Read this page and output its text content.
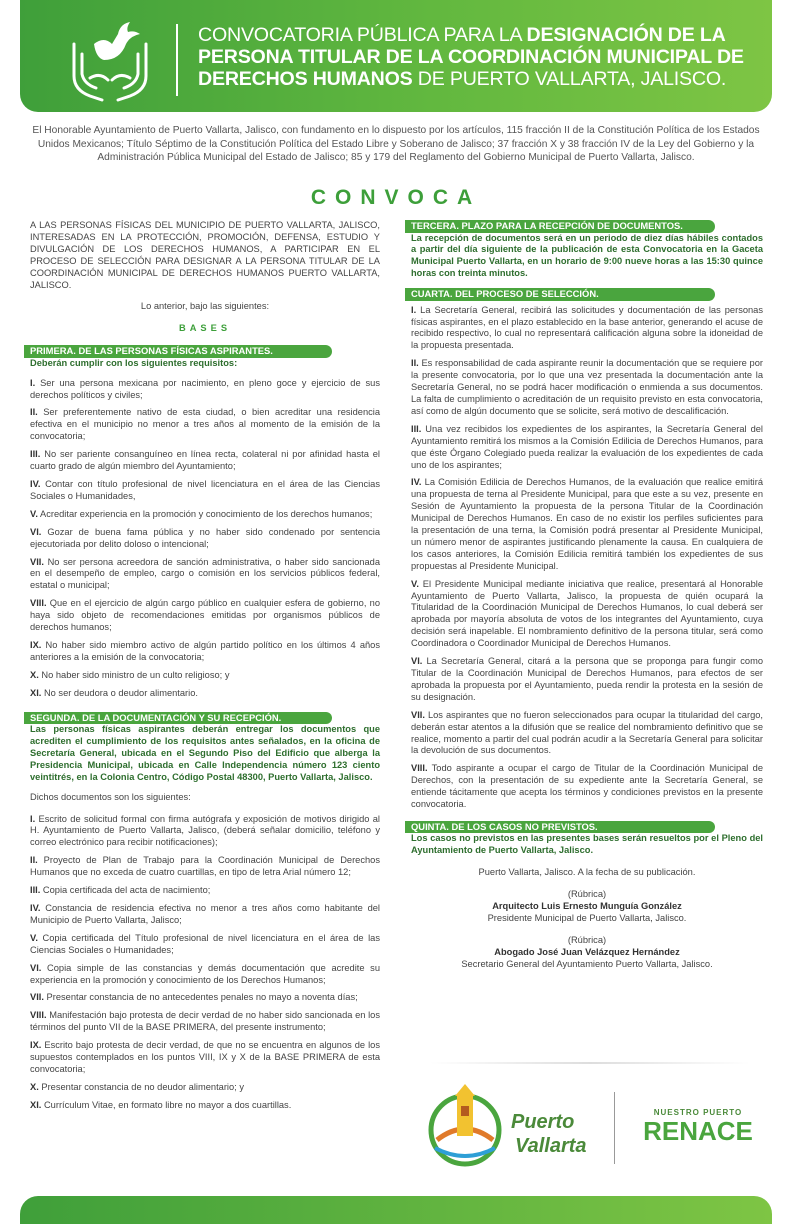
CONVOCATORIA PÚBLICA PARA LA DESIGNACIÓN DE LA PERSONA TITULAR DE LA COORDINACIÓN MUNICIPAL DE DERECHOS HUMANOS DE PUERTO VALLARTA, JALISCO.
El Honorable Ayuntamiento de Puerto Vallarta, Jalisco, con fundamento en lo dispuesto por los artículos, 115 fracción II de la Constitución Política de los Estados Unidos Mexicanos; Título Séptimo de la Constitución Política del Estado Libre y Soberano de Jalisco; 37 fracción X y 38 fracción IV de la Ley del Gobierno y la Administración Pública Municipal del Estado de Jalisco; 85 y 179 del Reglamento del Gobierno Municipal de Puerto Vallarta, Jalisco.
CONVOCA

A LAS PERSONAS FÍSICAS DEL MUNICIPIO DE PUERTO VALLARTA, JALISCO, INTERESADAS EN LA PROTECCIÓN, PROMOCIÓN, DEFENSA, ESTUDIO Y DIVULGACIÓN DE LOS DERECHOS HUMANOS, A PARTICIPAR EN EL PROCESO DE SELECCIÓN PARA DESIGNAR A LA PERSONA TITULAR DE LA COORDINACIÓN MUNICIPAL DE DERECHOS HUMANOS PUERTO VALLARTA, JALISCO.

Lo anterior, bajo las siguientes:

BASES

PRIMERA. DE LAS PERSONAS FÍSICAS ASPIRANTES.

Deberán cumplir con los siguientes requisitos:

I. Ser una persona mexicana por nacimiento, en pleno goce y ejercicio de sus derechos políticos y civiles;

II. Ser preferentemente nativo de esta ciudad, o bien acreditar una residencia efectiva en el municipio no menor a tres años al momento de la emisión de la convocatoria;

III. No ser pariente consanguíneo en línea recta, colateral ni por afinidad hasta el cuarto grado de algún miembro del Ayuntamiento;

IV. Contar con título profesional de nivel licenciatura en el área de las Ciencias Sociales o Humanidades,

V. Acreditar experiencia en la promoción y conocimiento de los derechos humanos;

VI. Gozar de buena fama pública y no haber sido condenado por sentencia ejecutoriada por delito doloso o intencional;

VII. No ser persona acreedora de sanción administrativa, o haber sido sancionada en el desempeño de empleo, cargo o comisión en los servicios públicos federal, estatal o municipal;

VIII. Que en el ejercicio de algún cargo público en cualquier esfera de gobierno, no haya sido objeto de recomendaciones emitidas por organismos públicos de derechos humanos;

IX. No haber sido miembro activo de algún partido político en los últimos 4 años anteriores a la emisión de la convocatoria;

X. No haber sido ministro de un culto religioso; y

XI. No ser deudora o deudor alimentario.

SEGUNDA. DE LA DOCUMENTACIÓN Y SU RECEPCIÓN.

Las personas físicas aspirantes deberán entregar los documentos que acrediten el cumplimiento de los requisitos antes señalados, en la oficina de Secretaría General, ubicada en el Segundo Piso del Edificio que alberga la Presidencia Municipal, ubicada en Calle Independencia número 123 ciento veintitrés, en la Colonia Centro, Código Postal 48300, Puerto Vallarta, Jalisco.

Dichos documentos son los siguientes:

I. Escrito de solicitud formal con firma autógrafa y exposición de motivos dirigido al H. Ayuntamiento de Puerto Vallarta, Jalisco, (deberá señalar domicilio, teléfono y correo electrónico para recibir notificaciones);

II. Proyecto de Plan de Trabajo para la Coordinación Municipal de Derechos Humanos que no exceda de cuatro cuartillas, en tipo de letra Arial número 12;

III. Copia certificada del acta de nacimiento;

IV. Constancia de residencia efectiva no menor a tres años como habitante del Municipio de Puerto Vallarta, Jalisco;

V. Copia certificada del Título profesional de nivel licenciatura en el área de las Ciencias Sociales o Humanidades;

VI. Copia simple de las constancias y demás documentación que acredite su experiencia en la promoción y conocimiento de los Derechos Humanos;

VII. Presentar constancia de no antecedentes penales no mayo a noventa días;

VIII. Manifestación bajo protesta de decir verdad de no haber sido sancionada en los términos del punto VII de la BASE PRIMERA, del presente instrumento;

IX. Escrito bajo protesta de decir verdad, de que no se encuentra en algunos de los supuestos contemplados en los puntos VIII, IX y X de la BASE PRIMERA de esta convocatoria;

X. Presentar constancia de no deudor alimentario; y

XI. Currículum Vitae, en formato libre no mayor a dos cuartillas.

TERCERA. PLAZO PARA LA RECEPCIÓN DE DOCUMENTOS.

La recepción de documentos será en un periodo de diez días hábiles contados a partir del día siguiente de la publicación de esta Convocatoria en la Gaceta Municipal Puerto Vallarta, en un horario de 9:00 nueve horas a las 15:30 quince horas con treinta minutos.

CUARTA. DEL PROCESO DE SELECCIÓN.

I. La Secretaría General, recibirá las solicitudes y documentación de las personas físicas aspirantes, en el plazo establecido en la base anterior, generando el acuse de recibido respectivo, lo cual no representará calificación alguna sobre la idoneidad de la propuesta presentada.

II. Es responsabilidad de cada aspirante reunir la documentación que se requiere por la presente convocatoria, por lo que una vez presentada la documentación ante la Secretaría General, no se podrá hacer modificación o enmienda a sus documentos. La falta de cumplimiento o acreditación de un requisito previsto en esta convocatoria, así como de algún documento que se solicite, será motivo de descalificación.

III. Una vez recibidos los expedientes de los aspirantes, la Secretaría General del Ayuntamiento remitirá los mismos a la Comisión Edilicia de Derechos Humanos, para que éste Órgano Colegiado pueda realizar la evaluación de los expedientes de cada uno de los aspirantes;

IV. La Comisión Edilicia de Derechos Humanos, de la evaluación que realice emitirá una propuesta de terna al Presidente Municipal, para que este a su vez, presente en Sesión de Ayuntamiento la propuesta de la persona Titular de la Coordinación Municipal de Derechos Humanos. En caso de no existir los perfiles suficientes para la presentación de una terna, la Comisión podrá presentar al Presidente Municipal, un número menor de aspirantes justificando plenamente la causa. En cualquiera de los casos anteriores, la Comisión Edilicia remitirá también los expedientes de sus propuestas al Presidente Municipal.

V. El Presidente Municipal mediante iniciativa que realice, presentará al Honorable Ayuntamiento de Puerto Vallarta, Jalisco, la propuesta de quién ocupará la Titularidad de la Coordinación Municipal de Derechos Humanos, lo cual deberá ser aprobada por mayoría absoluta de votos de los integrantes del Ayuntamiento, cuya decisión será inapelable. El nombramiento definitivo de la persona titular, será como Coordinadora o Coordinador Municipal de Derechos Humanos.

VI. La Secretaría General, citará a la persona que se proponga para fungir como Titular de la Coordinación Municipal de Derechos Humanos, para efectos de ser aprobada la propuesta por el Ayuntamiento, pueda rendir la protesta en la sesión de su designación.

VII. Los aspirantes que no fueron seleccionados para ocupar la titularidad del cargo, deberán estar atentos a la difusión que se realice del nombramiento definitivo que se realice, momento a partir del cual podrán acudir a la Secretaría General para solicitar la devolución de sus documentos.

VIII. Todo aspirante a ocupar el cargo de Titular de la Coordinación Municipal de Derechos, con la presentación de su expediente ante la Secretaría General, se entiende tácitamente que acepta los términos y condiciones previstos en la presente convocatoria.

QUINTA. DE LOS CASOS NO PREVISTOS.

Los casos no previstos en las presentes bases serán resueltos por el Pleno del Ayuntamiento de Puerto Vallarta, Jalisco.

Puerto Vallarta, Jalisco. A la fecha de su publicación.

(Rúbrica)

Arquitecto Luis Ernesto Munguía González

Presidente Municipal de Puerto Vallarta, Jalisco.

(Rúbrica)

Abogado José Juan Velázquez Hernández

Secretario General del Ayuntamiento Puerto Vallarta, Jalisco.

Puerto
Vallarta
NUESTRO PUERTO
RENACE
